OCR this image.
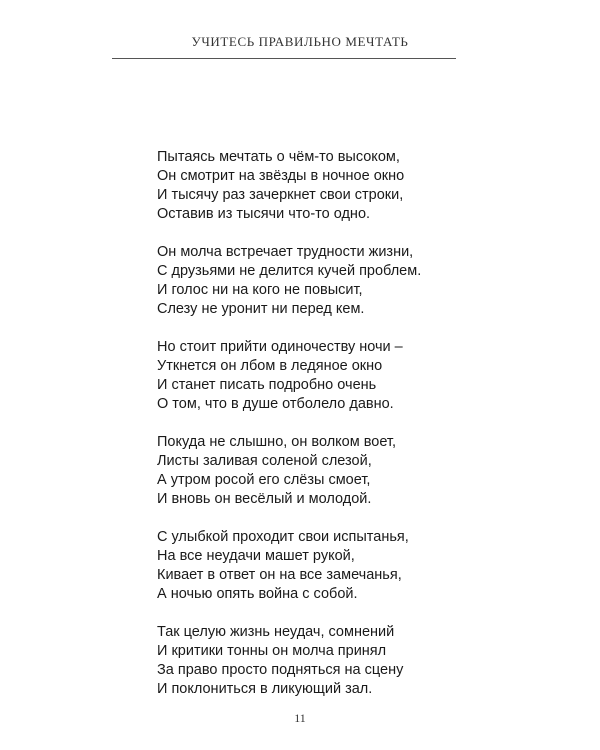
УЧИТЕСЬ ПРАВИЛЬНО МЕЧТАТЬ
Пытаясь мечтать о чём-то высоком,
Он смотрит на звёзды в ночное окно
И тысячу раз зачеркнет свои строки,
Оставив из тысячи что-то одно.
Он молча встречает трудности жизни,
С друзьями не делится кучей проблем.
И голос ни на кого не повысит,
Слезу не уронит ни перед кем.
Но стоит прийти одиночеству ночи –
Уткнется он лбом в ледяное окно
И станет писать подробно очень
О том, что в душе отболело давно.
Покуда не слышно, он волком воет,
Листы заливая соленой слезой,
А утром росой его слёзы смоет,
И вновь он весёлый и молодой.
С улыбкой проходит свои испытанья,
На все неудачи машет рукой,
Кивает в ответ он на все замечанья,
А ночью опять война с собой.
Так целую жизнь неудач, сомнений
И критики тонны он молча принял
За право просто подняться на сцену
И поклониться в ликующий зал.
11
